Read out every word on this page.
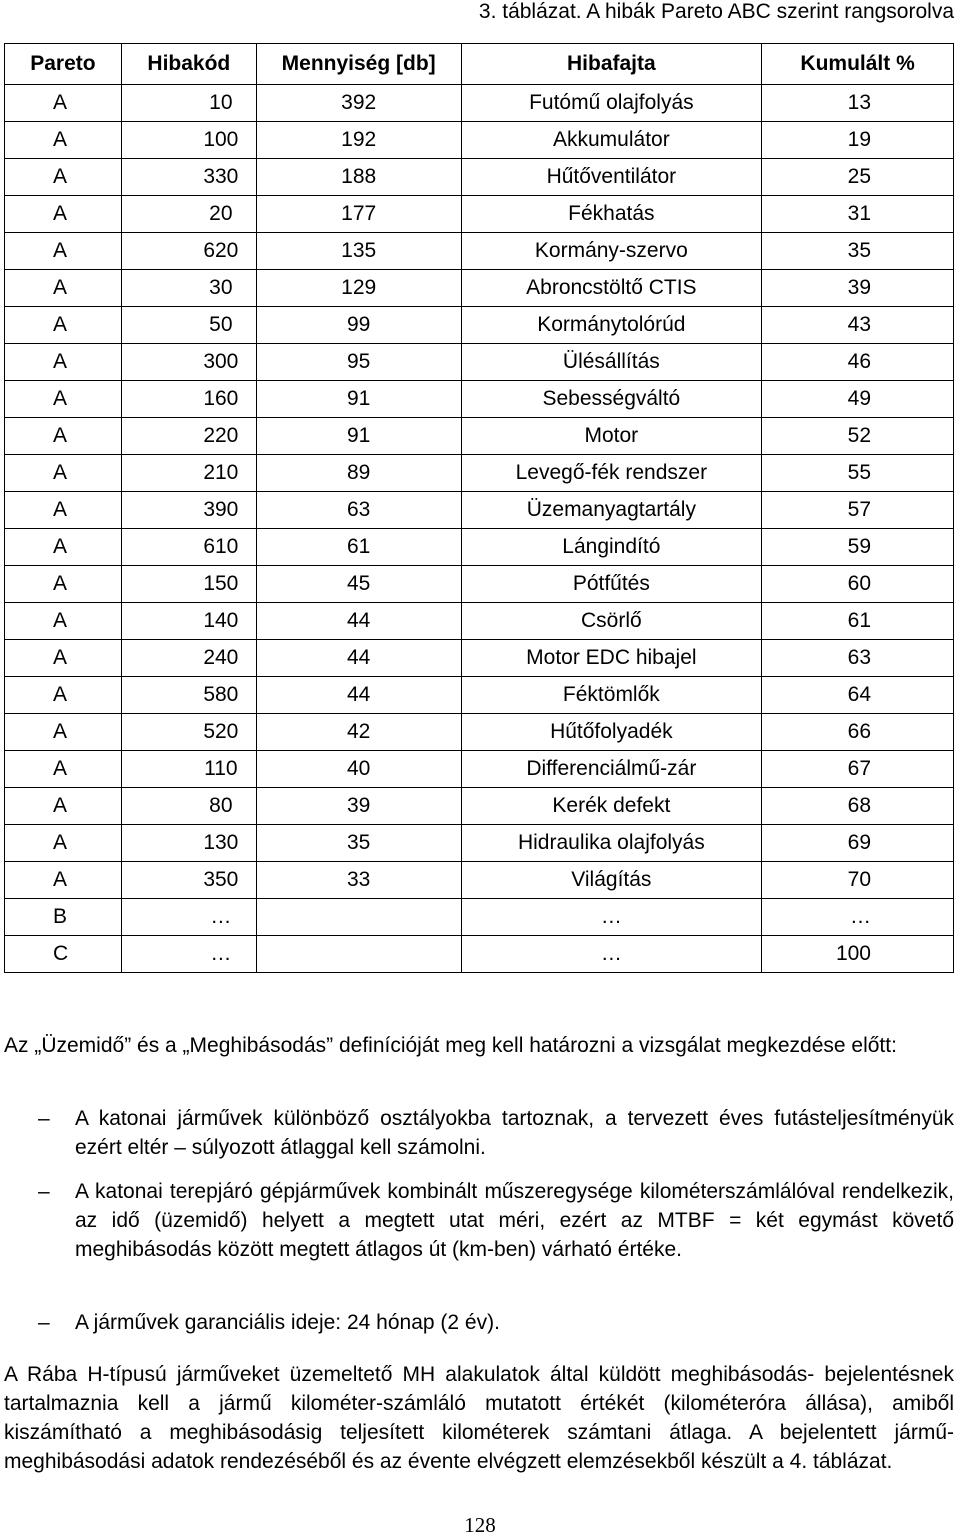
3. táblázat. A hibák Pareto ABC szerint rangsorolva
Pareto	Hibakód	Mennyiség [db]	Hibafajta	Kumulált %
A	10	392	Futómű olajfolyás	13
A	100	192	Akkumulátor	19
A	330	188	Hűtőventilátor	25
A	20	177	Fékhatás	31
A	620	135	Kormány-szervo	35
A	30	129	Abroncstöltő CTIS	39
A	50	99	Kormánytolórúd	43
A	300	95	Ülésállítás	46
A	160	91	Sebességváltó	49
A	220	91	Motor	52
A	210	89	Levegő-fék rendszer	55
A	390	63	Üzemanyagtartály	57
A	610	61	Lángindító	59
A	150	45	Pótfűtés	60
A	140	44	Csörlő	61
A	240	44	Motor EDC hibajel	63
A	580	44	Féktömlők	64
A	520	42	Hűtőfolyadék	66
A	110	40	Differenciálmű-zár	67
A	80	39	Kerék defekt	68
A	130	35	Hidraulika olajfolyás	69
A	350	33	Világítás	70
B	…		…	…
C	…		…	100

Az „Üzemidő” és a „Meghibásodás” definícióját meg kell határozni a vizsgálat megkezdése előtt:

– A katonai járművek különböző osztályokba tartoznak, a tervezett éves futásteljesítményük ezért eltér – súlyozott átlaggal kell számolni.
– A katonai terepjáró gépjárművek kombinált műszeregysége kilométerszámlálóval rendelkezik, az idő (üzemidő) helyett a megtett utat méri, ezért az MTBF = két egymást követő meghibásodás között megtett átlagos út (km-ben) várható értéke.
– A járművek garanciális ideje: 24 hónap (2 év).

A Rába H-típusú járműveket üzemeltető MH alakulatok által küldött meghibásodás- bejelentésnek tartalmaznia kell a jármű kilométer-számláló mutatott értékét (kilométeróra állása), amiből kiszámítható a meghibásodásig teljesített kilométerek számtani átlaga. A bejelentett jármű-meghibásodási adatok rendezéséből és az évente elvégzett elemzésekből készült a 4. táblázat.

128
